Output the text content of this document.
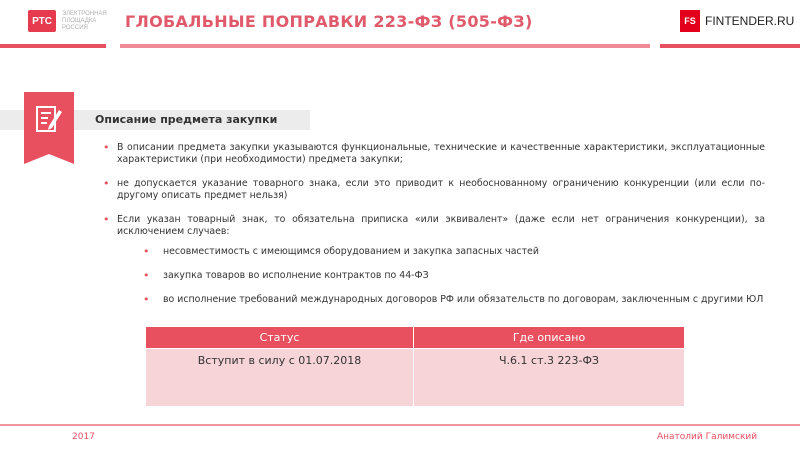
РТС
ЭЛЕКТРОННАЯ ПЛОЩАДКА РОССИЯ	ГЛОБАЛЬНЫЕ ПОПРАВКИ 223-ФЗ (505-ФЗ)	FS FINTENDER.RU
Описание предмета закупки
• В описании предмета закупки указываются функциональные, технические и качественные характеристики, эксплуатационные характеристики (при необходимости) предмета закупки;
• не допускается указание товарного знака, если это приводит к необоснованному ограничению конкуренции (или если по-другому описать предмет нельзя)
• Если указан товарный знак, то обязательна приписка «или эквивалент» (даже если нет ограничения конкуренции), за исключением случаев:
• несовместимость с имеющимся оборудованием и закупка запасных частей
• закупка товаров во исполнение контрактов по 44-ФЗ
• во исполнение требований международных договоров РФ или обязательств по договорам, заключенным с другими ЮЛ
Статус	Где описано
Вступит в силу с 01.07.2018	Ч.6.1 ст.3 223-ФЗ
2017	Анатолий Галимский
